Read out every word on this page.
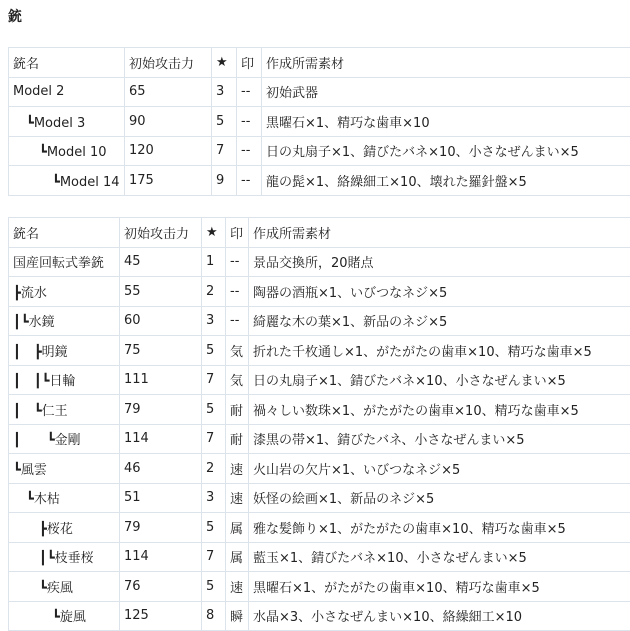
銃
銃名	初始攻击力	★	印	作成所需素材
Model 2	65	3	--	初始武器
　┗Model 3	90	5	--	黒曜石×1、精巧な歯車×10
　　┗Model 10	120	7	--	日の丸扇子×1、錆びたバネ×10、小さなぜんまい×5
　　　┗Model 14	175	9	--	龍の髭×1、絡繰細工×10、壊れた羅針盤×5
銃名	初始攻击力	★	印	作成所需素材
国産回転式拳銃	45	1	--	景品交換所，20賭点
┣流水	55	2	--	陶器の酒瓶×1、いびつなネジ×5
┃┗水鏡	60	3	--	綺麗な木の葉×1、新品のネジ×5
┃　┣明鏡	75	5	気	折れた千枚通し×1、がたがたの歯車×10、精巧な歯車×5
┃　┃┗日輪	111	7	気	日の丸扇子×1、錆びたバネ×10、小さなぜんまい×5
┃　┗仁王	79	5	耐	禍々しい数珠×1、がたがたの歯車×10、精巧な歯車×5
┃　　┗金剛	114	7	耐	漆黒の帯×1、錆びたバネ、小さなぜんまい×5
┗風雲	46	2	速	火山岩の欠片×1、いびつなネジ×5
　┗木枯	51	3	速	妖怪の絵画×1、新品のネジ×5
　　┣桜花	79	5	属	雅な髪飾り×1、がたがたの歯車×10、精巧な歯車×5
　　┃┗枝垂桜	114	7	属	藍玉×1、錆びたバネ×10、小さなぜんまい×5
　　┗疾風	76	5	速	黒曜石×1、がたがたの歯車×10、精巧な歯車×5
　　　┗旋風	125	8	瞬	水晶×3、小さなぜんまい×10、絡繰細工×10
